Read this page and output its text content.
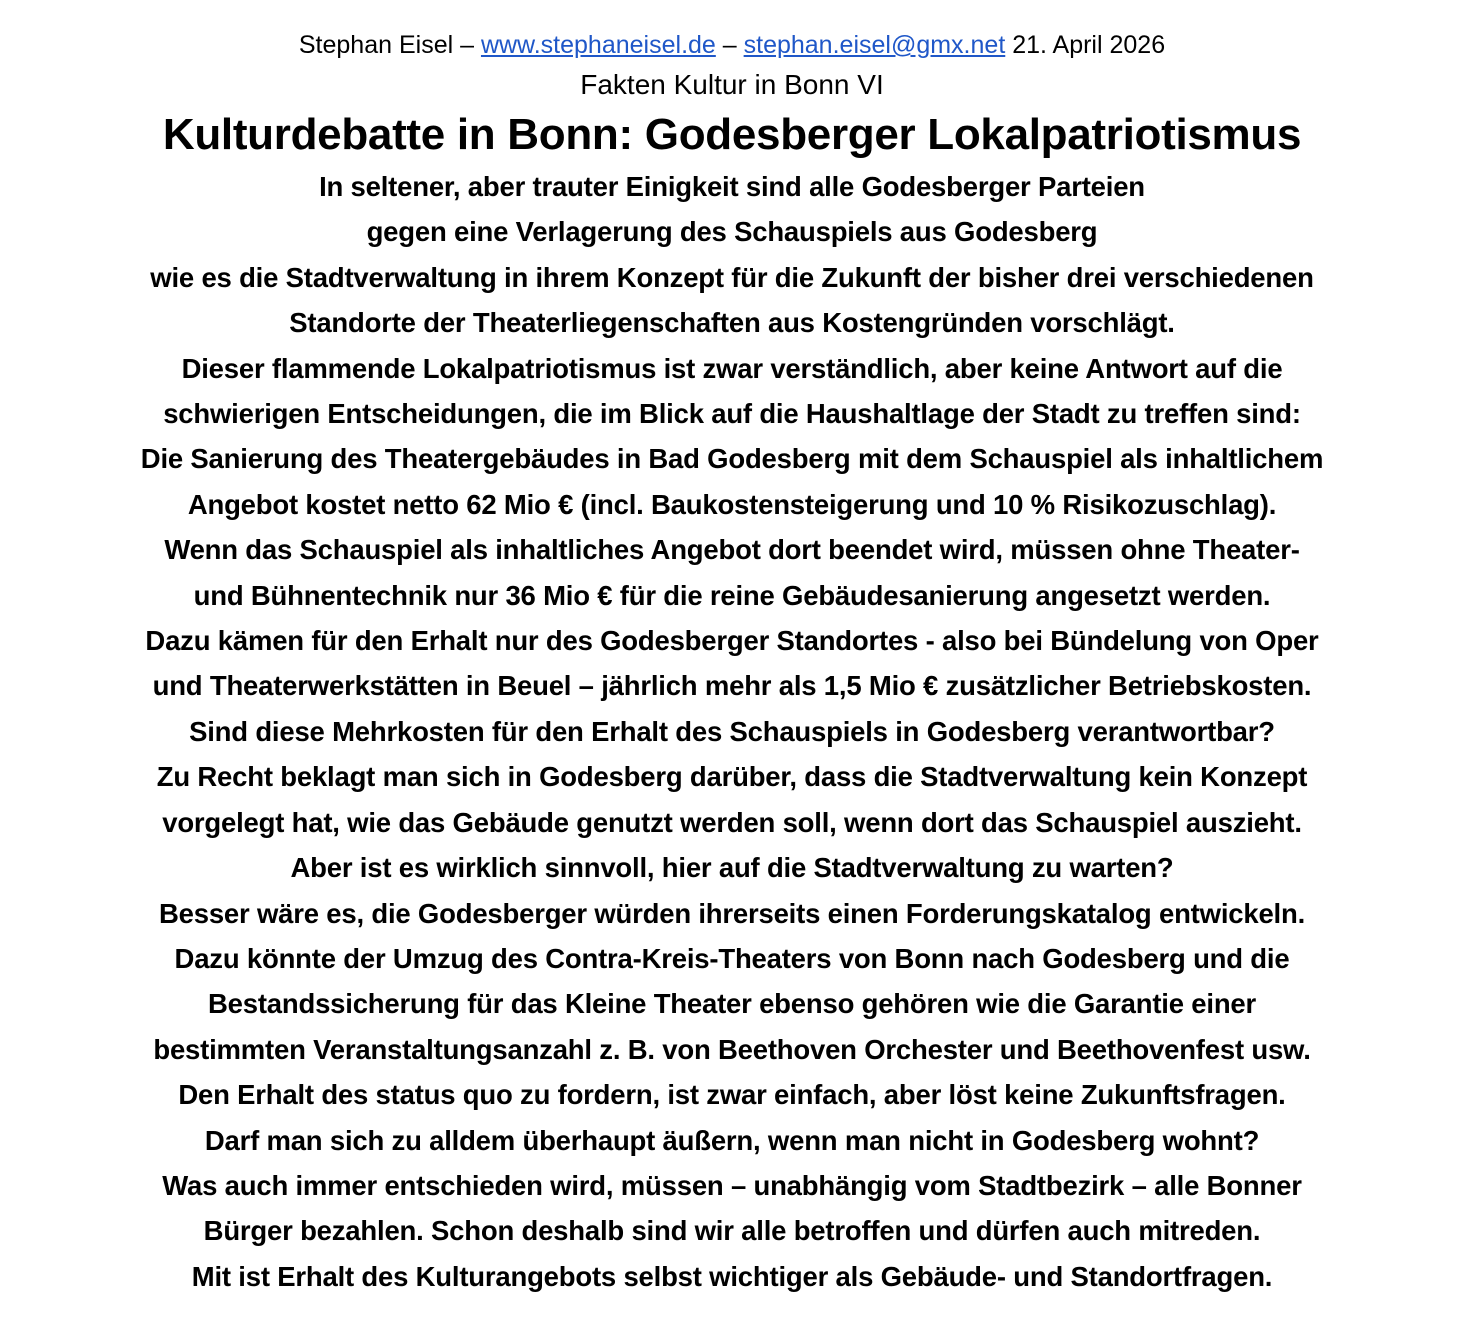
Stephan Eisel – www.stephaneisel.de – stephan.eisel@gmx.net 21. April 2026
Fakten Kultur in Bonn VI
Kulturdebatte in Bonn: Godesberger Lokalpatriotismus
In seltener, aber trauter Einigkeit sind alle Godesberger Parteien
gegen eine Verlagerung des Schauspiels aus Godesberg
wie es die Stadtverwaltung in ihrem Konzept für die Zukunft der bisher drei verschiedenen
Standorte der Theaterliegenschaften aus Kostengründen vorschlägt.
Dieser flammende Lokalpatriotismus ist zwar verständlich, aber keine Antwort auf die
schwierigen Entscheidungen, die im Blick auf die Haushaltlage der Stadt zu treffen sind:
Die Sanierung des Theatergebäudes in Bad Godesberg mit dem Schauspiel als inhaltlichem
Angebot kostet netto 62 Mio € (incl. Baukostensteigerung und 10 % Risikozuschlag).
Wenn das Schauspiel als inhaltliches Angebot dort beendet wird, müssen ohne Theater-
und Bühnentechnik nur 36 Mio € für die reine Gebäudesanierung angesetzt werden.
Dazu kämen für den Erhalt nur des Godesberger Standortes - also bei Bündelung von Oper
und Theaterwerkstätten in Beuel – jährlich mehr als 1,5 Mio € zusätzlicher Betriebskosten.
Sind diese Mehrkosten für den Erhalt des Schauspiels in Godesberg verantwortbar?
Zu Recht beklagt man sich in Godesberg darüber, dass die Stadtverwaltung kein Konzept
vorgelegt hat, wie das Gebäude genutzt werden soll, wenn dort das Schauspiel auszieht.
Aber ist es wirklich sinnvoll, hier auf die Stadtverwaltung zu warten?
Besser wäre es, die Godesberger würden ihrerseits einen Forderungskatalog entwickeln.
Dazu könnte der Umzug des Contra-Kreis-Theaters von Bonn nach Godesberg und die
Bestandssicherung für das Kleine Theater ebenso gehören wie die Garantie einer
bestimmten Veranstaltungsanzahl z. B. von Beethoven Orchester und Beethovenfest usw.
Den Erhalt des status quo zu fordern, ist zwar einfach, aber löst keine Zukunftsfragen.
Darf man sich zu alldem überhaupt äußern, wenn man nicht in Godesberg wohnt?
Was auch immer entschieden wird, müssen – unabhängig vom Stadtbezirk – alle Bonner
Bürger bezahlen. Schon deshalb sind wir alle betroffen und dürfen auch mitreden.
Mit ist Erhalt des Kulturangebots selbst wichtiger als Gebäude- und Standortfragen.
